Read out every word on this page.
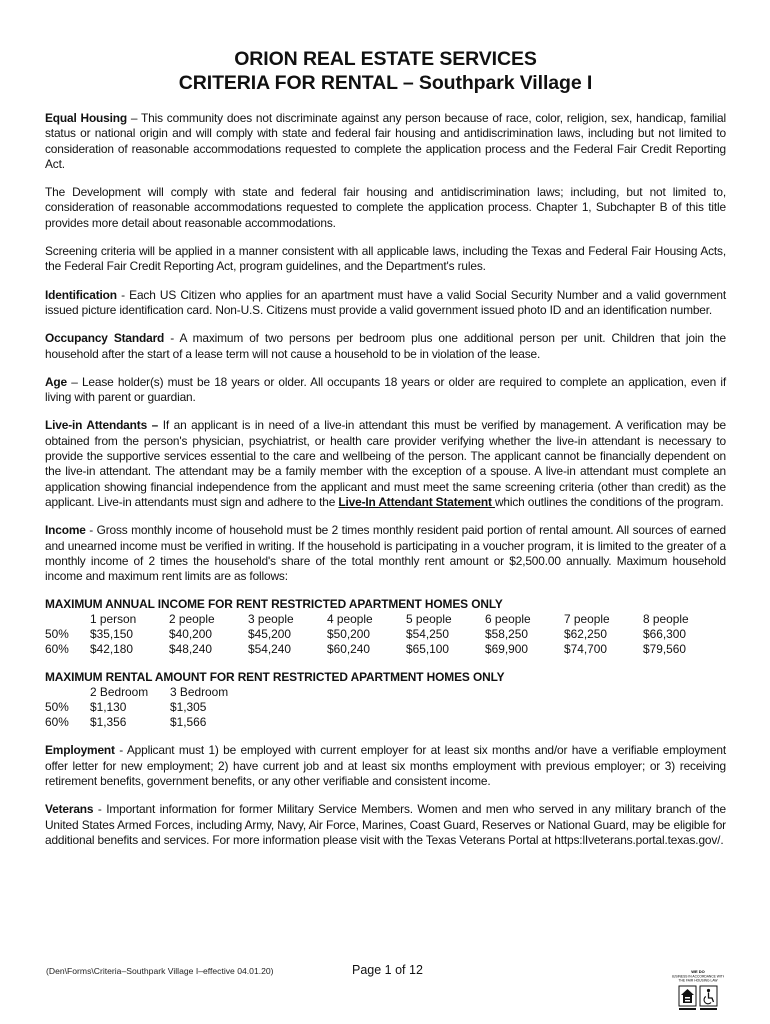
ORION REAL ESTATE SERVICES
CRITERIA FOR RENTAL – Southpark Village I

Equal Housing – This community does not discriminate against any person because of race, color, religion, sex, handicap, familial status or national origin and will comply with state and federal fair housing and antidiscrimination laws, including but not limited to consideration of reasonable accommodations requested to complete the application process and the Federal Fair Credit Reporting Act.

The Development will comply with state and federal fair housing and antidiscrimination laws; including, but not limited to, consideration of reasonable accommodations requested to complete the application process. Chapter 1, Subchapter B of this title provides more detail about reasonable accommodations.

Screening criteria will be applied in a manner consistent with all applicable laws, including the Texas and Federal Fair Housing Acts, the Federal Fair Credit Reporting Act, program guidelines, and the Department's rules.

Identification - Each US Citizen who applies for an apartment must have a valid Social Security Number and a valid government issued picture identification card. Non-U.S. Citizens must provide a valid government issued photo ID and an identification number.

Occupancy Standard - A maximum of two persons per bedroom plus one additional person per unit. Children that join the household after the start of a lease term will not cause a household to be in violation of the lease.

Age – Lease holder(s) must be 18 years or older. All occupants 18 years or older are required to complete an application, even if living with parent or guardian.

Live-in Attendants – If an applicant is in need of a live-in attendant this must be verified by management. A verification may be obtained from the person's physician, psychiatrist, or health care provider verifying whether the live-in attendant is necessary to provide the supportive services essential to the care and wellbeing of the person. The applicant cannot be financially dependent on the live-in attendant. The attendant may be a family member with the exception of a spouse. A live-in attendant must complete an application showing financial independence from the applicant and must meet the same screening criteria (other than credit) as the applicant. Live-in attendants must sign and adhere to the Live-In Attendant Statement which outlines the conditions of the program.

Income - Gross monthly income of household must be 2 times monthly resident paid portion of rental amount. All sources of earned and unearned income must be verified in writing. If the household is participating in a voucher program, it is limited to the greater of a monthly income of 2 times the household's share of the total monthly rent amount or $2,500.00 annually. Maximum household income and maximum rent limits are as follows:

MAXIMUM ANNUAL INCOME FOR RENT RESTRICTED APARTMENT HOMES ONLY
	1 person	2 people	3 people	4 people	5 people	6 people	7 people	8 people
50%	$35,150	$40,200	$45,200	$50,200	$54,250	$58,250	$62,250	$66,300
60%	$42,180	$48,240	$54,240	$60,240	$65,100	$69,900	$74,700	$79,560
MAXIMUM RENTAL AMOUNT FOR RENT RESTRICTED APARTMENT HOMES ONLY
	2 Bedroom	3 Bedroom
50%	$1,130	$1,305
60%	$1,356	$1,566

Employment - Applicant must 1) be employed with current employer for at least six months and/or have a verifiable employment offer letter for new employment; 2) have current job and at least six months employment with previous employer; or 3) receiving retirement benefits, government benefits, or any other verifiable and consistent income.

Veterans - Important information for former Military Service Members. Women and men who served in any military branch of the United States Armed Forces, including Army, Navy, Air Force, Marines, Coast Guard, Reserves or National Guard, may be eligible for additional benefits and services. For more information please visit with the Texas Veterans Portal at https:lIveterans.portal.texas.gov/.

(Den\Forms\Criteria–Southpark Village I–effective 04.01.20)	Page 1 of 12	WE DO
BUSINESS IN ACCORDANCE WITH
THE FAIR HOUSING LAW
